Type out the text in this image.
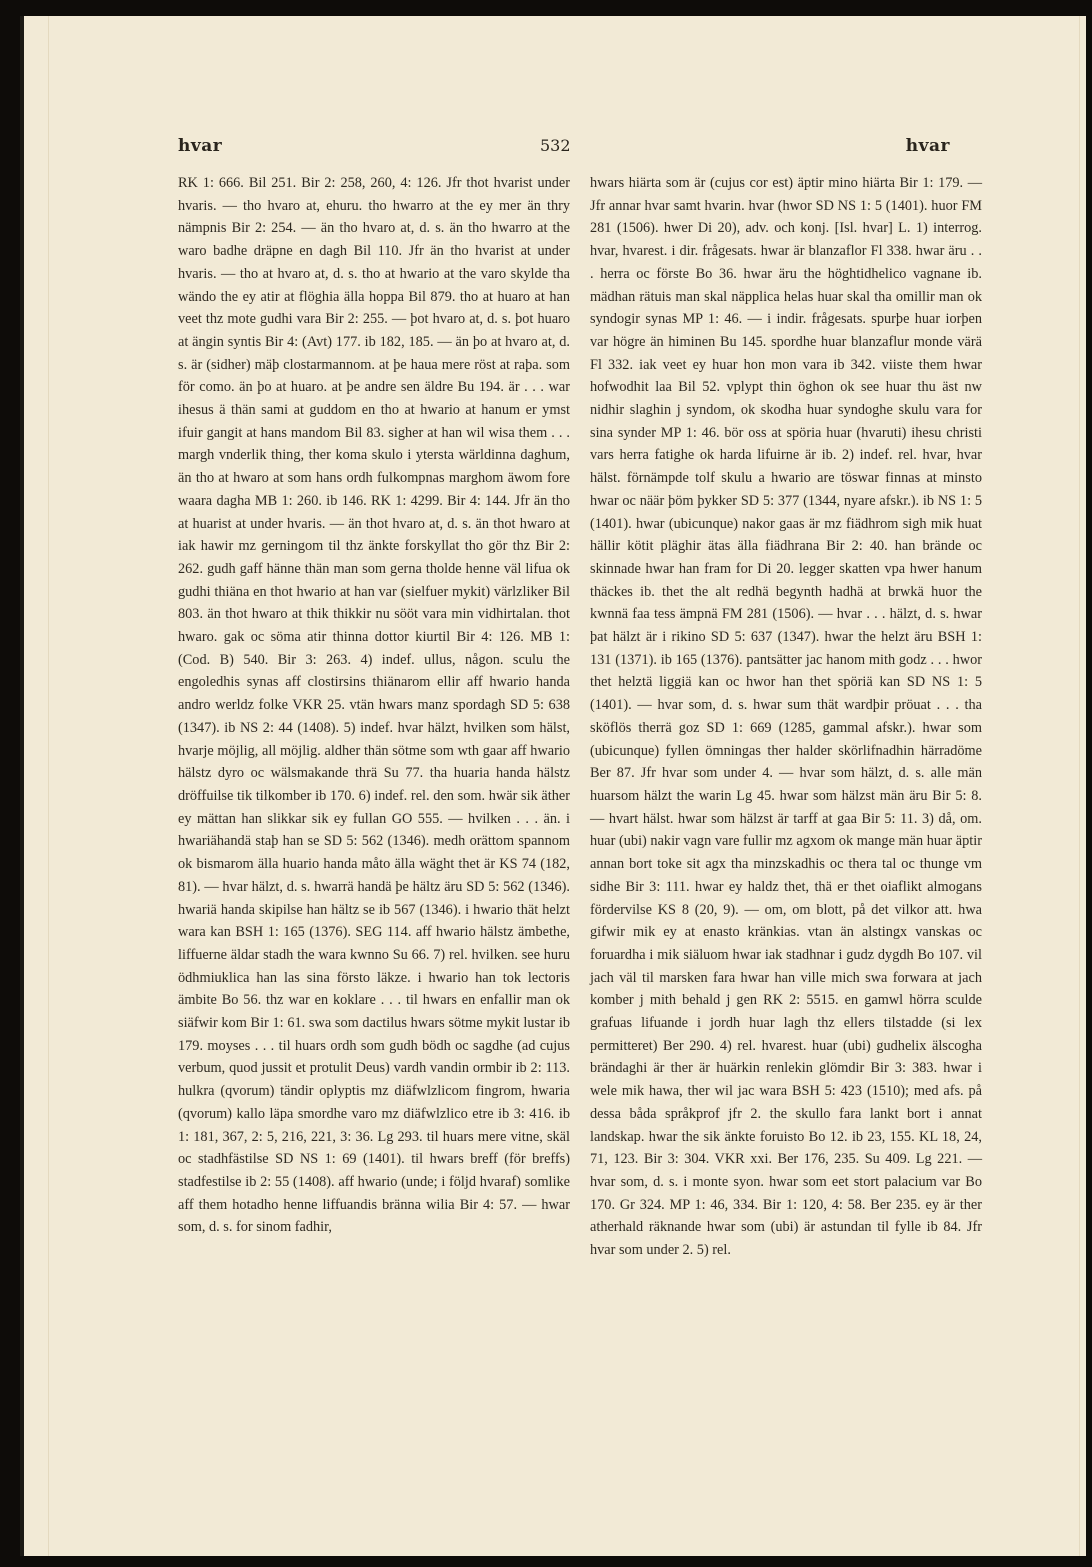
hvar	532	hvar

RK 1: 666. Bil 251. Bir 2: 258, 260, 4: 126. Jfr thot hvarist under hvaris. — tho hvaro at, ehuru. tho hwarro at the ey mer än thry nämpnis Bir 2: 254. — än tho hvaro at, d. s. än tho hwarro at the waro badhe dräpne en dagh Bil 110. Jfr än tho hvarist at under hvaris. — tho at hvaro at, d. s. tho at hwario at the varo skylde tha wändo the ey atir at flöghia älla hoppa Bil 879. tho at huaro at han veet thz mote gudhi vara Bir 2: 255. — þot hvaro at, d. s. þot huaro at ängin syntis Bir 4: (Avt) 177. ib 182, 185. — än þo at hvaro at, d. s. är (sidher) mäþ clostarmannom. at þe haua mere röst at raþa. som för como. än þo at huaro. at þe andre sen äldre Bu 194. är . . . war ihesus ä thän sami at guddom en tho at hwario at hanum er ymst ifuir gangit at hans mandom Bil 83. sigher at han wil wisa them . . . margh vnderlik thing, ther koma skulo i ytersta wärldinna daghum, än tho at hwaro at som hans ordh fulkompnas marghom äwom fore waara dagha MB 1: 260. ib 146. RK 1: 4299. Bir 4: 144. Jfr än tho at huarist at under hvaris. — än thot hvaro at, d. s. än thot hwaro at iak hawir mz gerningom til thz änkte forskyllat tho gör thz Bir 2: 262. gudh gaff hänne thän man som gerna tholde henne väl lifua ok gudhi thiäna en thot hwario at han var (sielfuer mykit) värlzliker Bil 803. än thot hwaro at thik thikkir nu sööt vara min vidhirtalan. thot hwaro. gak oc söma atir thinna dottor kiurtil Bir 4: 126. MB 1: (Cod. B) 540. Bir 3: 263. 4) indef. ullus, någon. sculu the engoledhis synas aff clostirsins thiänarom ellir aff hwario handa andro werldz folke VKR 25. vtän hwars manz spordagh SD 5: 638 (1347). ib NS 2: 44 (1408). 5) indef. hvar hälzt, hvilken som hälst, hvarje möjlig, all möjlig. aldher thän sötme som wth gaar aff hwario hälstz dyro oc wälsmakande thrä Su 77. tha huaria handa hälstz dröffuilse tik tilkomber ib 170. 6) indef. rel. den som. hwär sik äther ey mättan han slikkar sik ey fullan GO 555. — hvilken . . . än. i hwariähandä staþ han se SD 5: 562 (1346). medh orättom spannom ok bismarom älla huario handa måto älla wäght thet är KS 74 (182, 81). — hvar hälzt, d. s. hwarrä handä þe hältz äru SD 5: 562 (1346). hwariä handa skipilse han hältz se ib 567 (1346). i hwario thät helzt wara kan BSH 1: 165 (1376). SEG 114. aff hwario hälstz ämbethe, liffuerne äldar stadh the wara kwnno Su 66. 7) rel. hvilken. see huru ödhmiuklica han las sina försto läkze. i hwario han tok lectoris ämbite Bo 56. thz war en koklare . . . til hwars en enfallir man ok siäfwir kom Bir 1: 61. swa som dactilus hwars sötme mykit lustar ib 179. moyses . . . til huars ordh som gudh bödh oc sagdhe (ad cujus verbum, quod jussit et protulit Deus) vardh vandin ormbir ib 2: 113. hulkra (qvorum) tändir oplyptis mz diäfwlzlicom fingrom, hwaria (qvorum) kallo läpa smordhe varo mz diäfwlzlico etre ib 3: 416. ib 1: 181, 367, 2: 5, 216, 221, 3: 36. Lg 293. til huars mere vitne, skäl oc stadhfästilse SD NS 1: 69 (1401). til hwars breff (för breffs) stadfestilse ib 2: 55 (1408). aff hwario (unde; i följd hvaraf) somlike aff them hotadho henne liffuandis bränna wilia Bir 4: 57. — hwar som, d. s. for sinom fadhir,

hwars hiärta som är (cujus cor est) äptir mino hiärta Bir 1: 179. — Jfr annar hvar samt hvarin. hvar (hwor SD NS 1: 5 (1401). huor FM 281 (1506). hwer Di 20), adv. och konj. [Isl. hvar] L. 1) interrog. hvar, hvarest. i dir. frågesats. hwar är blanzaflor Fl 338. hwar äru . . . herra oc förste Bo 36. hwar äru the höghtidhelico vagnane ib. mädhan rätuis man skal näpplica helas huar skal tha omillir man ok syndogir synas MP 1: 46. — i indir. frågesats. spurþe huar iorþen var högre än himinen Bu 145. spordhe huar blanzaflur monde värä Fl 332. iak veet ey huar hon mon vara ib 342. viiste them hwar hofwodhit laa Bil 52. vplypt thin öghon ok see huar thu äst nw nidhir slaghin j syndom, ok skodha huar syndoghe skulu vara for sina synder MP 1: 46. bör oss at spöria huar (hvaruti) ihesu christi vars herra fatighe ok harda lifuirne är ib. 2) indef. rel. hvar, hvar hälst. förnämpde tolf skulu a hwario are töswar finnas at minsto hwar oc näär þöm þykker SD 5: 377 (1344, nyare afskr.). ib NS 1: 5 (1401). hwar (ubicunque) nakor gaas är mz fiädhrom sigh mik huat hällir kötit pläghir ätas älla fiädhrana Bir 2: 40. han brände oc skinnade hwar han fram for Di 20. legger skatten vpa hwer hanum thäckes ib. thet the alt redhä begynth hadhä at brwkä huor the kwnnä faa tess ämpnä FM 281 (1506). — hvar . . . hälzt, d. s. hwar þat hälzt är i rikino SD 5: 637 (1347). hwar the helzt äru BSH 1: 131 (1371). ib 165 (1376). pantsätter jac hanom mith godz . . . hwor thet helztä liggiä kan oc hwor han thet spöriä kan SD NS 1: 5 (1401). — hvar som, d. s. hwar sum thät wardþir pröuat . . . tha sköflös therrä goz SD 1: 669 (1285, gammal afskr.). hwar som (ubicunque) fyllen ömningas ther halder skörlifnadhin härradöme Ber 87. Jfr hvar som under 4. — hvar som hälzt, d. s. alle män huarsom hälzt the warin Lg 45. hwar som hälzst män äru Bir 5: 8. — hvart hälst. hwar som hälzst är tarff at gaa Bir 5: 11. 3) då, om. huar (ubi) nakir vagn vare fullir mz agxom ok mange män huar äptir annan bort toke sit agx tha minzskadhis oc thera tal oc thunge vm sidhe Bir 3: 111. hwar ey haldz thet, thä er thet oiaflikt almogans fördervilse KS 8 (20, 9). — om, om blott, på det vilkor att. hwa gifwir mik ey at enasto kränkias. vtan än alstingx vanskas oc foruardha i mik siäluom hwar iak stadhnar i gudz dygdh Bo 107. vil jach väl til marsken fara hwar han ville mich swa forwara at jach komber j mith behald j gen RK 2: 5515. en gamwl hörra sculde grafuas lifuande i jordh huar lagh thz ellers tilstadde (si lex permitteret) Ber 290. 4) rel. hvarest. huar (ubi) gudhelix älscogha brändaghi är ther är huärkin renlekin glömdir Bir 3: 383. hwar i wele mik hawa, ther wil jac wara BSH 5: 423 (1510); med afs. på dessa båda språkprof jfr 2. the skullo fara lankt bort i annat landskap. hwar the sik änkte foruisto Bo 12. ib 23, 155. KL 18, 24, 71, 123. Bir 3: 304. VKR xxi. Ber 176, 235. Su 409. Lg 221. — hvar som, d. s. i monte syon. hwar som eet stort palacium var Bo 170. Gr 324. MP 1: 46, 334. Bir 1: 120, 4: 58. Ber 235. ey är ther atherhald räknande hwar som (ubi) är astundan til fylle ib 84. Jfr hvar som under 2. 5) rel.
